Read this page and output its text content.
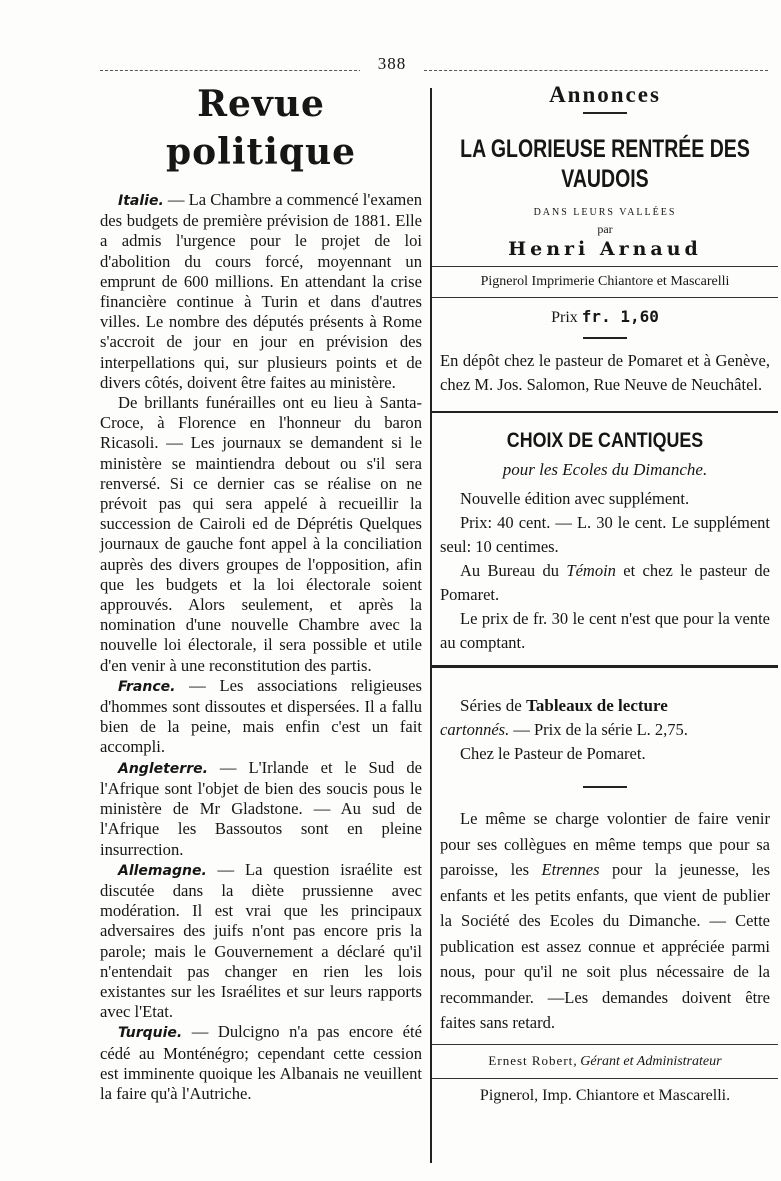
388
Revue politique

Italie. — La Chambre a commencé l'examen des budgets de première prévision de 1881. Elle a admis l'urgence pour le projet de loi d'abolition du cours forcé, moyennant un emprunt de 600 millions. En attendant la crise financière continue à Turin et dans d'autres villes. Le nombre des députés présents à Rome s'accroit de jour en jour en prévision des interpellations qui, sur plusieurs points et de divers côtés, doivent être faites au ministère.

De brillants funérailles ont eu lieu à Santa-Croce, à Florence en l'honneur du baron Ricasoli. — Les journaux se demandent si le ministère se maintiendra debout ou s'il sera renversé. Si ce dernier cas se réalise on ne prévoit pas qui sera appelé à recueillir la succession de Cairoli ed de Déprétis Quelques journaux de gauche font appel à la conciliation auprès des divers groupes de l'opposition, afin que les budgets et la loi électorale soient approuvés. Alors seulement, et après la nomination d'une nouvelle Chambre avec la nouvelle loi électorale, il sera possible et utile d'en venir à une reconstitution des partis.

France. — Les associations religieuses d'hommes sont dissoutes et dispersées. Il a fallu bien de la peine, mais enfin c'est un fait accompli.

Angleterre. — L'Irlande et le Sud de l'Afrique sont l'objet de bien des soucis pous le ministère de Mr Gladstone. — Au sud de l'Afrique les Bassoutos sont en pleine insurrection.

Allemagne. — La question israélite est discutée dans la diète prussienne avec modération. Il est vrai que les principaux adversaires des juifs n'ont pas encore pris la parole; mais le Gouvernement a déclaré qu'il n'entendait pas changer en rien les lois existantes sur les Israélites et sur leurs rapports avec l'Etat.

Turquie. — Dulcigno n'a pas encore été cédé au Monténégro; cependant cette cession est imminente quoique les Albanais ne veuillent la faire qu'à l'Autriche.

Annonces
LA GLORIEUSE RENTRÉE DES VAUDOIS

DANS LEURS VALLÉES

par

Henri Arnaud

Pignerol Imprimerie Chiantore et Mascarelli

Prix fr. 1,60

En dépôt chez le pasteur de Pomaret et à Genève, chez M. Jos. Salomon, Rue Neuve de Neuchâtel.

CHOIX DE CANTIQUES

pour les Ecoles du Dimanche.

Nouvelle édition avec supplément.

Prix: 40 cent. — L. 30 le cent. Le supplément seul: 10 centimes.

Au Bureau du Témoin et chez le pasteur de Pomaret.

Le prix de fr. 30 le cent n'est que pour la vente au comptant.

Séries de Tableaux de lecture

cartonnés. — Prix de la série L. 2,75.

Chez le Pasteur de Pomaret.

Le même se charge volontier de faire venir pour ses collègues en même temps que pour sa paroisse, les Etrennes pour la jeunesse, les enfants et les petits enfants, que vient de publier la Société des Ecoles du Dimanche. — Cette publication est assez connue et appréciée parmi nous, pour qu'il ne soit plus nécessaire de la recommander. —Les demandes doivent être faites sans retard.

Ernest Robert, Gérant et Administrateur

Pignerol, Imp. Chiantore et Mascarelli.
